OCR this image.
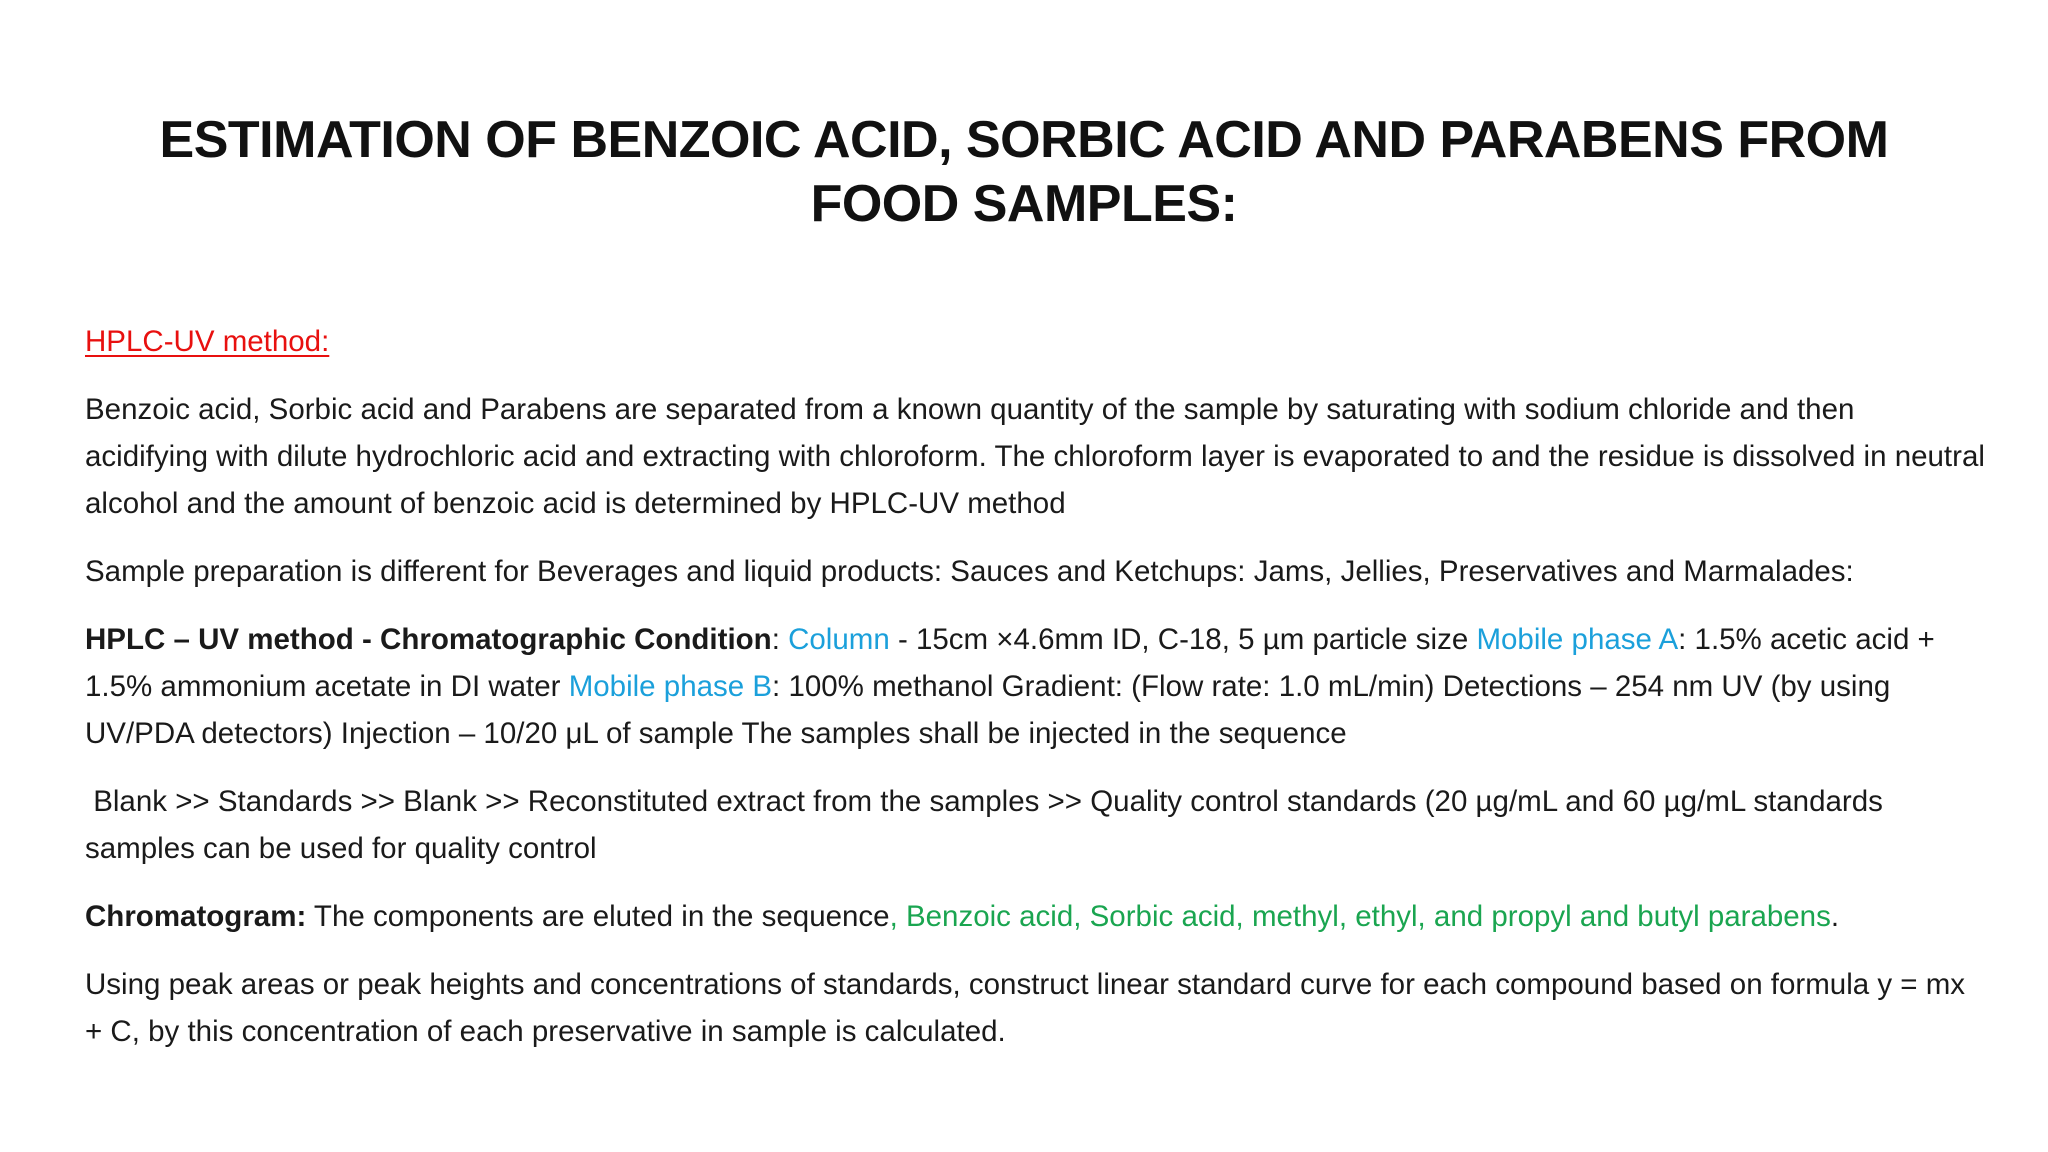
ESTIMATION OF BENZOIC ACID, SORBIC ACID AND PARABENS FROM FOOD SAMPLES:

HPLC-UV method:

Benzoic acid, Sorbic acid and Parabens are separated from a known quantity of the sample by saturating with sodium chloride and then acidifying with dilute hydrochloric acid and extracting with chloroform. The chloroform layer is evaporated to and the residue is dissolved in neutral alcohol and the amount of benzoic acid is determined by HPLC-UV method

Sample preparation is different for Beverages and liquid products: Sauces and Ketchups: Jams, Jellies, Preservatives and Marmalades:

HPLC – UV method - Chromatographic Condition: Column - 15cm ×4.6mm ID, C-18, 5 µm particle size Mobile phase A: 1.5% acetic acid + 1.5% ammonium acetate in DI water Mobile phase B: 100% methanol Gradient: (Flow rate: 1.0 mL/min) Detections – 254 nm UV (by using UV/PDA detectors) Injection – 10/20 μL of sample The samples shall be injected in the sequence

Blank >> Standards >> Blank >> Reconstituted extract from the samples >> Quality control standards (20 µg/mL and 60 µg/mL standards samples can be used for quality control

Chromatogram: The components are eluted in the sequence, Benzoic acid, Sorbic acid, methyl, ethyl, and propyl and butyl parabens.

Using peak areas or peak heights and concentrations of standards, construct linear standard curve for each compound based on formula y = mx + C, by this concentration of each preservative in sample is calculated.
